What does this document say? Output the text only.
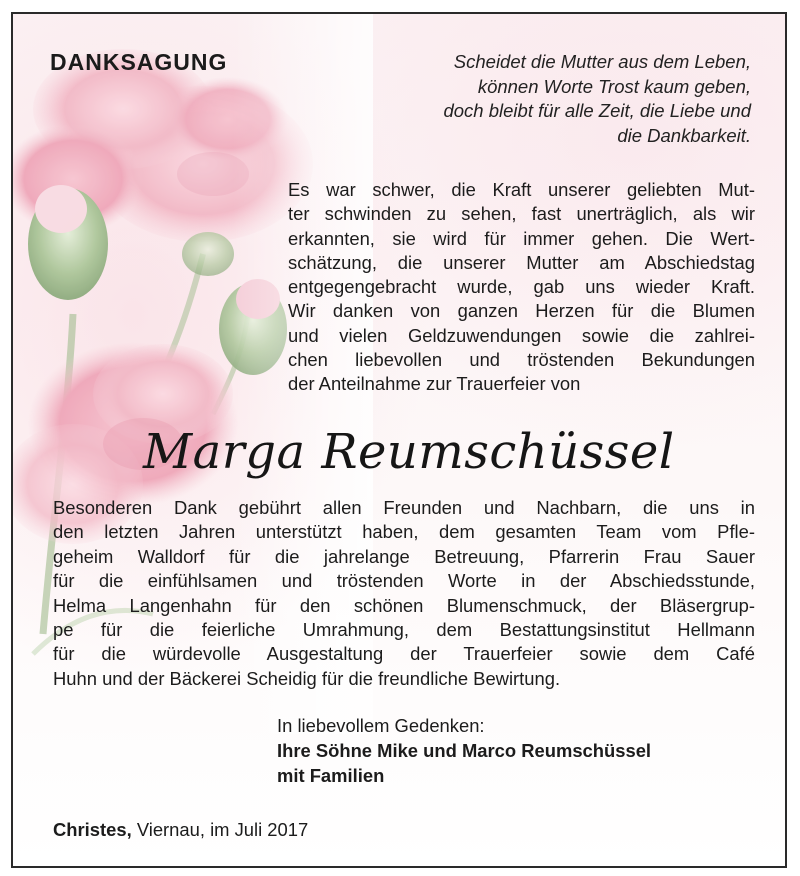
DANKSAGUNG	Scheidet die Mutter aus dem Leben,
können Worte Trost kaum geben,
doch bleibt für alle Zeit, die Liebe und
die Dankbarkeit.
Es war schwer, die Kraft unserer geliebten Mut-
ter schwinden zu sehen, fast unerträglich, als wir
erkannten, sie wird für immer gehen. Die Wert-
schätzung, die unserer Mutter am Abschiedstag
entgegengebracht wurde, gab uns wieder Kraft.
Wir danken von ganzen Herzen für die Blumen
und vielen Geldzuwendungen sowie die zahlrei-
chen liebevollen und tröstenden Bekundungen
der Anteilnahme zur Trauerfeier von
Marga Reumschüssel
Besonderen Dank gebührt allen Freunden und Nachbarn, die uns in
den letzten Jahren unterstützt haben, dem gesamten Team vom Pfle-
geheim Walldorf für die jahrelange Betreuung, Pfarrerin Frau Sauer
für die einfühlsamen und tröstenden Worte in der Abschiedsstunde,
Helma Langenhahn für den schönen Blumenschmuck, der Bläsergrup-
pe für die feierliche Umrahmung, dem Bestattungsinstitut Hellmann
für die würdevolle Ausgestaltung der Trauerfeier sowie dem Café
Huhn und der Bäckerei Scheidig für die freundliche Bewirtung.
In liebevollem Gedenken:
Ihre Söhne Mike und Marco Reumschüssel
mit Familien
Christes, Viernau, im Juli 2017
